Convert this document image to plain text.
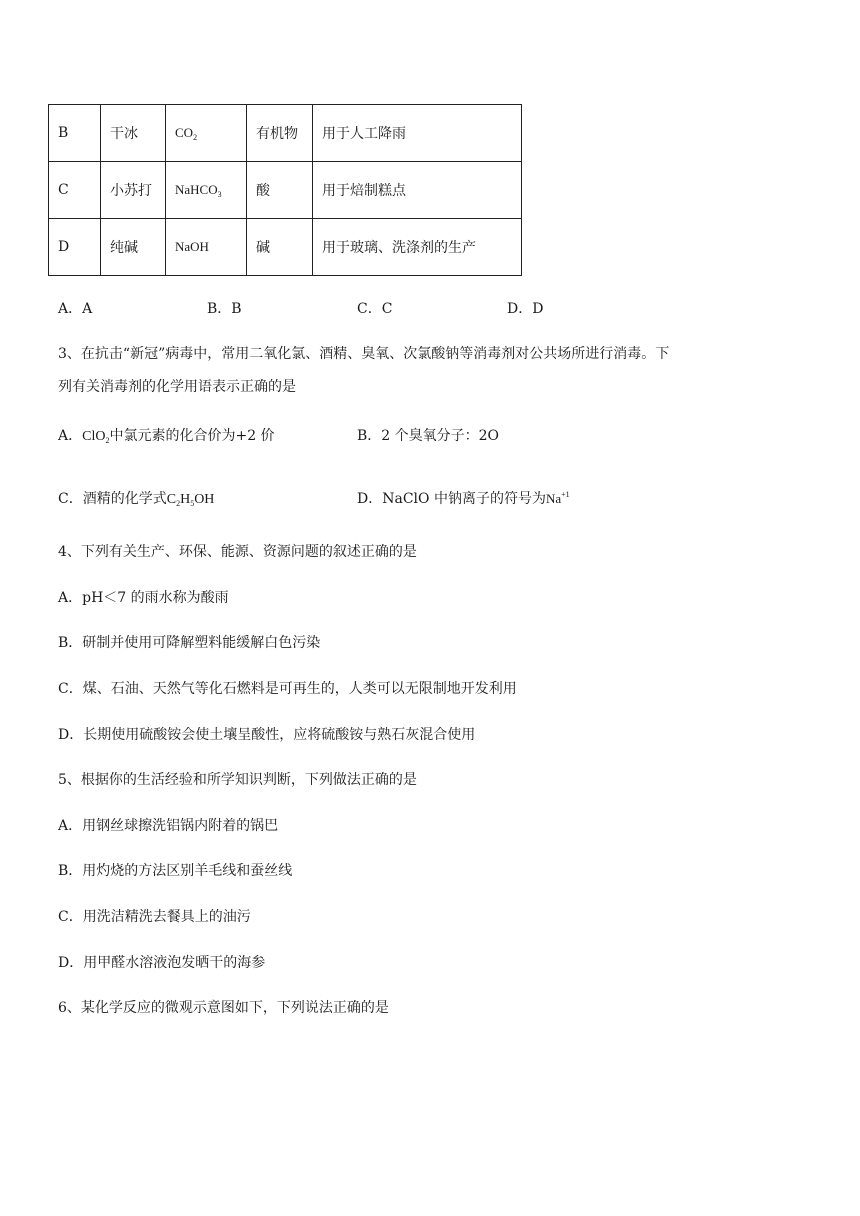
B	干冰	$CO_2$	有机物	用于人工降雨
C	小苏打	NaHCO$_3$	酸	用于焙制糕点
D	纯碱	NaOH	碱	用于玻璃、洗涤剂的生产
A．A	B．B	C．C	D．D
3、在抗击“新冠”病毒中，常用二氧化氯、酒精、臭氧、次氯酸钠等消毒剂对公共场所进行消毒。下
列有关消毒剂的化学用语表示正确的是
A．ClO$_2$中氯元素的化合价为+2 价	B．2 个臭氧分子：2O
C．酒精的化学式$C_2H_5OH$	D．NaClO 中钠离子的符号为$Na^{+1}$
4、下列有关生产、环保、能源、资源问题的叙述正确的是
A．pH＜7 的雨水称为酸雨
B．研制并使用可降解塑料能缓解白色污染
C．煤、石油、天然气等化石燃料是可再生的，人类可以无限制地开发利用
D．长期使用硫酸铵会使土壤呈酸性，应将硫酸铵与熟石灰混合使用
5、根据你的生活经验和所学知识判断，下列做法正确的是
A．用钢丝球擦洗铝锅内附着的锅巴
B．用灼烧的方法区别羊毛线和蚕丝线
C．用洗洁精洗去餐具上的油污
D．用甲醛水溶液泡发晒干的海参
6、某化学反应的微观示意图如下，下列说法正确的是
